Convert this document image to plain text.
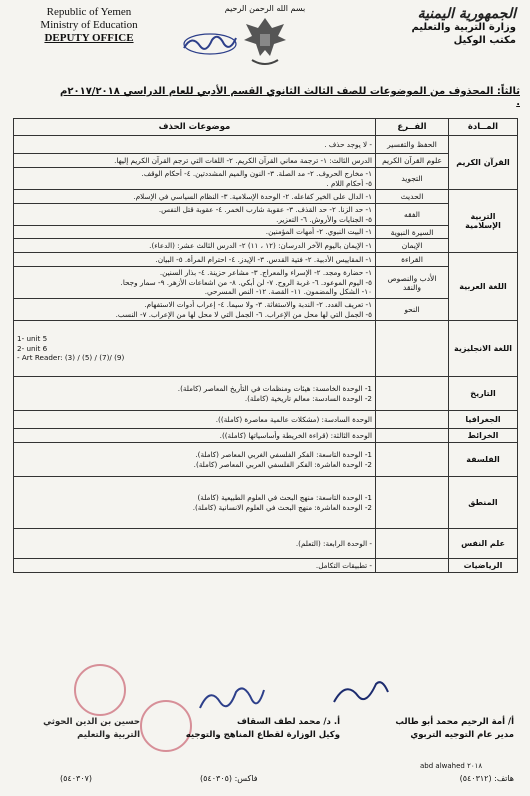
Republic of Yemen
Ministry of Education
DEPUTY OFFICE
بسم الله الرحمن الرحيم	الجمهورية اليمنية
وزارة التربية والتعليم
مكتب الوكيل
ثالثاً: المحذوف من الموضوعات للصف الثالث الثانوي القسم الأدبي للعام الدراسي ٢٠١٧/٢٠١٨م .
المــادة	الفــرع	موضوعات الحذف
القرآن الكريم	الحفظ والتفسير	- لا يوجد حذف .

	علوم القرآن الكريم	الدرس الثالث: ١- ترجمة معاني القرآن الكريم. ٢- اللغات التي ترجم القرآن الكريم إليها.

	التجويد	١- مخارج الحروف. ٢- مد الصلة. ٣- النون والميم المشددتين. ٤- أحكام الوقف.
٥- أحكام اللام .

التربية الإسلامية	الحديث	١- الدال على الخير كفاعله. ٢- الوحدة الإسلامية. ٣- النظام السياسي في الإسلام.

	الفقه	١- حد الزنا. ٢- حد القذف. ٣- عقوبة شارب الخمر. ٤- عقوبة قتل النفس.
٥- الجنايات والأروش. ٦- التعزير.

	السيرة النبوية	١- البيت النبوي. ٢- أمهات المؤمنين.

	الإيمان	١- الإيمان باليوم الآخر الدرسان: (١٢ ، ١١) ٢- الدرس الثالث عشر: (الدعاء).

اللغة العربية	القراءة	١- المقاييس الأدبية. ٢- فتية القدس. ٣- الإيدز. ٤- احترام المرأة. ٥- البيان.

	الأدب والنصوص والنقد	١- حضارة ومجد. ٢- الإسراء والمعراج. ٣- مشاعر حزينة. ٤- بذار السنين.
٥- اليوم الموعود. ٦- غربة الروح. ٧- لن أبكي. ٨- من اشعاعات الأزهر. ٩- سمار وجحا.
١٠- الشكل والمضمون. ١١- القصة. ١٢- النص المسرحي.

	النحو	١- تعريف الغدد. ٢- الندبة والاستغاثة. ٣- ولا سيما. ٤- إعراب أدوات الاستفهام.
٥- الجمل التي لها محل من الإعراب. ٦- الجمل التي لا محل لها من الإعراب. ٧- النسب.

اللغة الانجليزية		1- unit 5
2- unit 6
- Art Reader: (3) / (5) / (7)/ (9)

التاريخ		1- الوحدة الخامسة: هيئات ومنظمات في التأريخ المعاصر (كاملة).
2- الوحدة السادسة: معالم تاريخية (كاملة).

الجغرافيا		الوحدة السادسة: (مشكلات عالمية معاصرة (كاملة)).

الخرائط		الوحدة الثالثة: (قراءة الخريطة وأساسياتها (كاملة)).

الفلسفة		1- الوحدة التاسعة: الفكر الفلسفي الغربي المعاصر (كاملة).
2- الوحدة العاشرة: الفكر الفلسفي العربي المعاصر (كاملة).

المنطق		1- الوحدة التاسعة: منهج البحث في العلوم الطبيعية (كاملة)
2- الوحدة العاشرة: منهج البحث في العلوم الانسانية (كاملة).

علم النفس		- الوحدة الرابعة: (التعلم).

الرياضيات		- تطبيقات التكامل.
أ/ أمة الرحيم محمد أبو طالب
مدير عام التوجيه التربوي
أ. د/ محمد لطف السقاف
وكيل الوزارة لقطاع المناهج والتوجيه
حسين بن الدين الحوثي
التربية والتعليم
abd alwahed ٢٠١٨
هاتف: (٥٤٠٣١٢)
فاكس: (٥٤٠٣٠٥)
(٥٤٠٣٠٧)
